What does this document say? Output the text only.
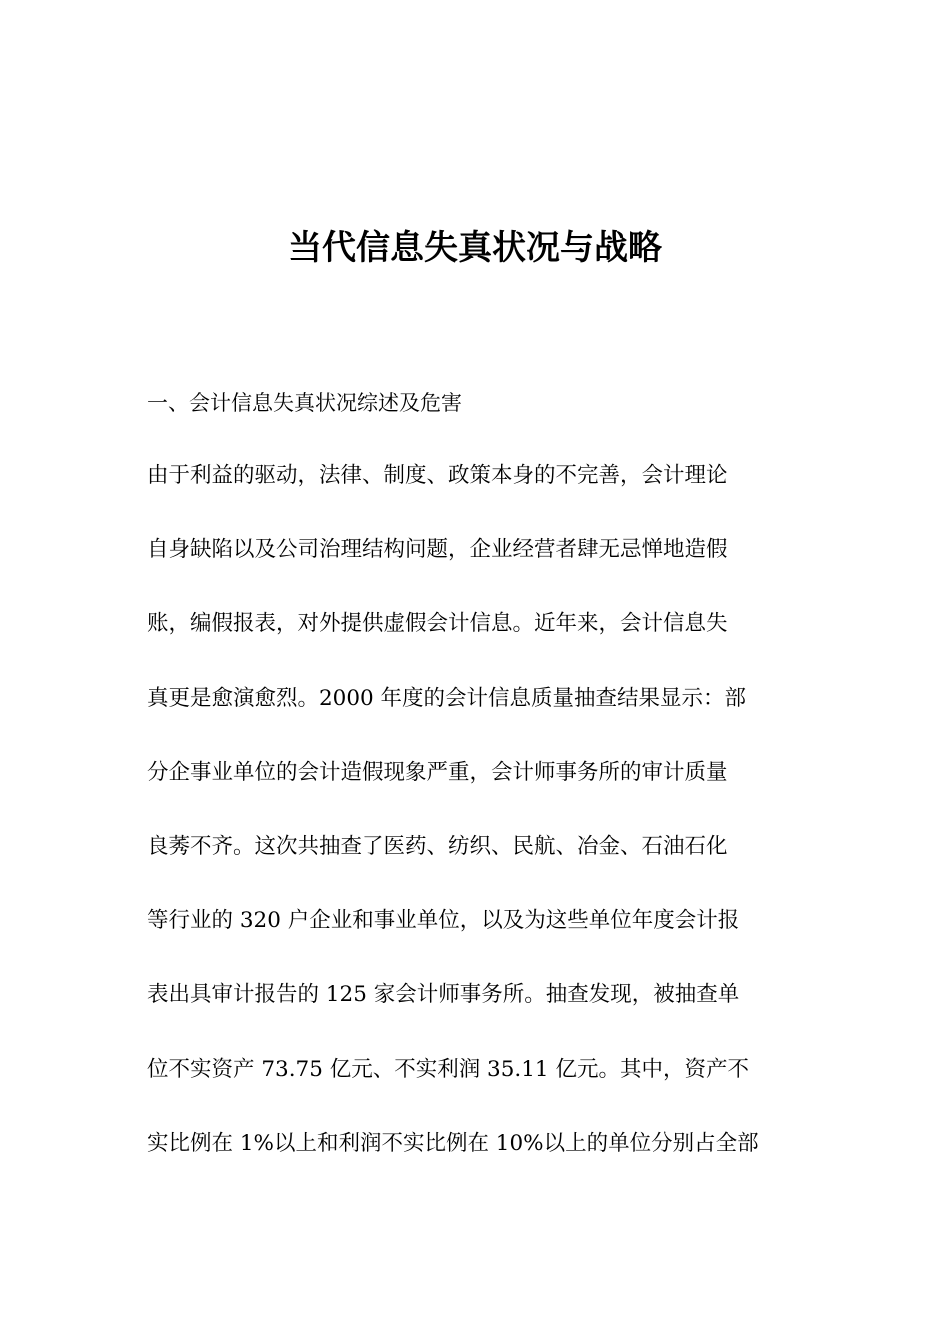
当代信息失真状况与战略

一、会计信息失真状况综述及危害

由于利益的驱动，法律、制度、政策本身的不完善，会计理论
自身缺陷以及公司治理结构问题，企业经营者肆无忌惮地造假
账，编假报表，对外提供虚假会计信息。近年来，会计信息失
真更是愈演愈烈。2000 年度的会计信息质量抽查结果显示：部
分企事业单位的会计造假现象严重，会计师事务所的审计质量
良莠不齐。这次共抽查了医药、纺织、民航、冶金、石油石化
等行业的 320 户企业和事业单位，以及为这些单位年度会计报
表出具审计报告的 125 家会计师事务所。抽查发现，被抽查单
位不实资产 73.75 亿元、不实利润 35.11 亿元。其中，资产不
实比例在 1%以上和利润不实比例在 10%以上的单位分别占全部
